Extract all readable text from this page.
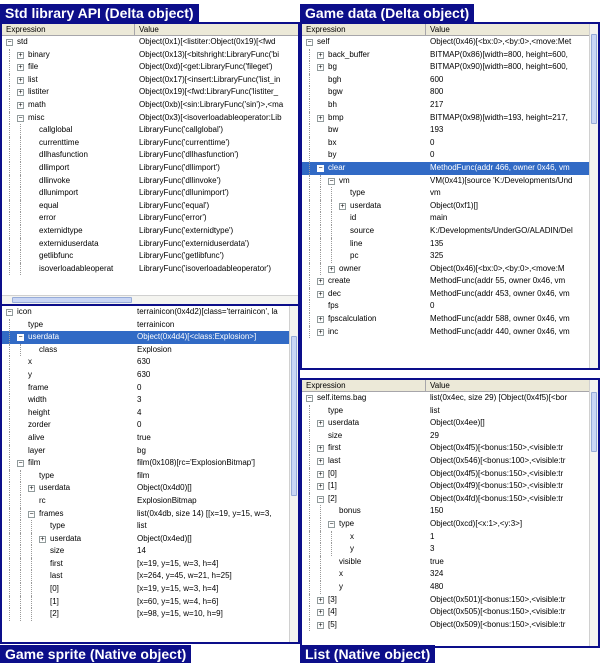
Expression	Value
− std	Object(0x1)[<listiter:Object(0x19)[<fwd
+ binary	Object(0x13)[<bitshright:LibraryFunc('bi
+ file	Object(0xd)[<get:LibraryFunc('fileget')
+ list	Object(0x17)[<insert:LibraryFunc('list_in
+ listiter	Object(0x19)[<fwd:LibraryFunc('listiter_
+ math	Object(0xb)[<sin:LibraryFunc('sin')>,<ma
− misc	Object(0x3)[<isoverloadableoperator:Lib
callglobal	LibraryFunc('callglobal')
currenttime	LibraryFunc('currenttime')
dllhasfunction	LibraryFunc('dllhasfunction')
dllimport	LibraryFunc('dllimport')
dllinvoke	LibraryFunc('dllinvoke')
dllunimport	LibraryFunc('dllunimport')
equal	LibraryFunc('equal')
error	LibraryFunc('error')
externidtype	LibraryFunc('externidtype')
externiduserdata	LibraryFunc('externiduserdata')
getlibfunc	LibraryFunc('getlibfunc')
isoverloadableoperat	LibraryFunc('isoverloadableoperator')
Expression	Value
− self	Object(0x46)[<bx:0>,<by:0>,<move:Met
+ back_buffer	BITMAP(0x86)[width=800, height=600,
+ bg	BITMAP(0x90)[width=800, height=600,
bgh	600
bgw	800
bh	217
+ bmp	BITMAP(0x98)[width=193, height=217,
bw	193
bx	0
by	0
− clear	MethodFunc(addr 466, owner 0x46, vm
− vm	VM(0x41)[source 'K:/Developments/Und
type	vm
+ userdata	Object(0xf1)[]
id	main
source	K:/Developments/UnderGO/ALADIN/Del
line	135
pc	325
+ owner	Object(0x46)[<bx:0>,<by:0>,<move:M
+ create	MethodFunc(addr 55, owner 0x46, vm
+ dec	MethodFunc(addr 453, owner 0x46, vm
fps	0
+ fpscalculation	MethodFunc(addr 588, owner 0x46, vm
+ inc	MethodFunc(addr 440, owner 0x46, vm
− icon	terrainicon(0x4d2)[class='terrainicon', la
type	terrainicon
− userdata	Object(0x4d4)[<class:Explosion>]
class	Explosion
x	630
y	630
frame	0
width	3
height	4
zorder	0
alive	true
layer	bg
− film	film(0x108)[rc='ExplosionBitmap']
type	film
+ userdata	Object(0x4d0)[]
rc	ExplosionBitmap
− frames	list(0x4db, size 14) [[x=19, y=15, w=3,
type	list
+ userdata	Object(0x4ed)[]
size	14
first	[x=19, y=15, w=3, h=4]
last	[x=264, y=45, w=21, h=25]
[0]	[x=19, y=15, w=3, h=4]
[1]	[x=60, y=15, w=4, h=6]
[2]	[x=98, y=15, w=10, h=9]
Expression	Value
− self.items.bag	list(0x4ec, size 29) [Object(0x4f5)[<bor
type	list
+ userdata	Object(0x4ee)[]
size	29
+ first	Object(0x4f5)[<bonus:150>,<visible:tr
+ last	Object(0x546)[<bonus:100>,<visible:tr
+ [0]	Object(0x4f5)[<bonus:150>,<visible:tr
+ [1]	Object(0x4f9)[<bonus:150>,<visible:tr
− [2]	Object(0x4fd)[<bonus:150>,<visible:tr
bonus	150
− type	Object(0xcd)[<x:1>,<y:3>]
x	1
y	3
visible	true
x	324
y	480
+ [3]	Object(0x501)[<bonus:150>,<visible:tr
+ [4]	Object(0x505)[<bonus:150>,<visible:tr
+ [5]	Object(0x509)[<bonus:150>,<visible:tr
Std library API (Delta object)	Game data (Delta object)
Game sprite (Native object)	List (Native object)
